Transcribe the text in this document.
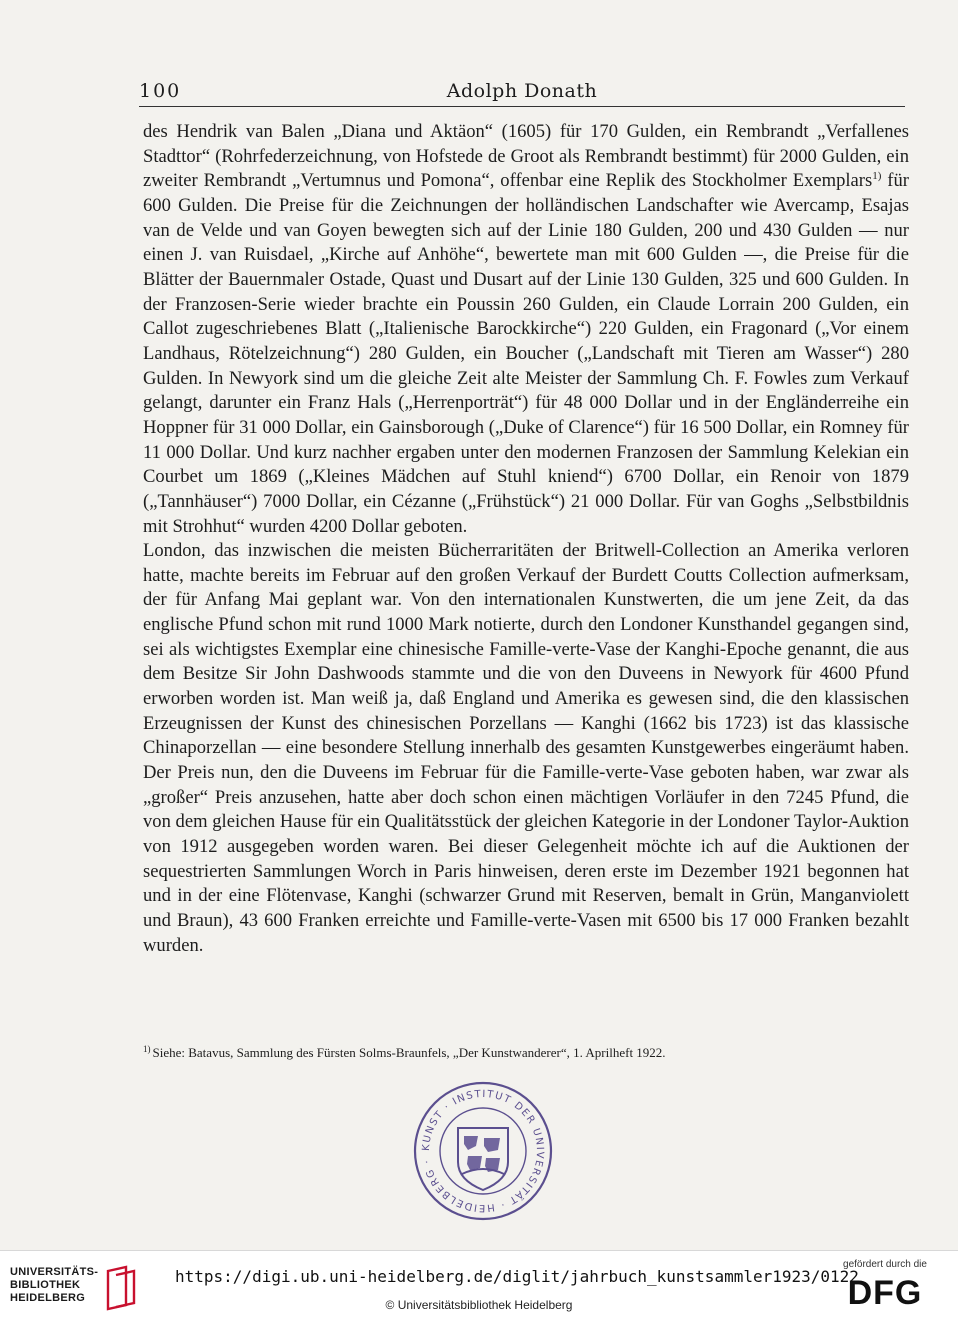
100	Adolph Donath

des Hendrik van Balen „Diana und Aktäon“ (1605) für 170 Gulden, ein Rembrandt „Verfallenes Stadttor“ (Rohrfederzeichnung, von Hofstede de Groot als Rembrandt bestimmt) für 2000 Gulden, ein zweiter Rembrandt „Vertumnus und Pomona“, offenbar eine Replik des Stockholmer Exemplars$^{1)}$ für 600 Gulden. Die Preise für die Zeichnungen der holländischen Landschafter wie Avercamp, Esajas van de Velde und van Goyen bewegten sich auf der Linie 180 Gulden, 200 und 430 Gulden — nur einen J. van Ruisdael, „Kirche auf Anhöhe“, bewertete man mit 600 Gulden —, die Preise für die Blätter der Bauernmaler Ostade, Quast und Dusart auf der Linie 130 Gulden, 325 und 600 Gulden. In der Franzosen-Serie wieder brachte ein Poussin 260 Gulden, ein Claude Lorrain 200 Gulden, ein Callot zugeschriebenes Blatt („Italienische Barockkirche“) 220 Gulden, ein Fragonard („Vor einem Landhaus, Rötelzeichnung“) 280 Gulden, ein Boucher („Landschaft mit Tieren am Wasser“) 280 Gulden. In Newyork sind um die gleiche Zeit alte Meister der Sammlung Ch. F. Fowles zum Verkauf gelangt, darunter ein Franz Hals („Herrenporträt“) für 48 000 Dollar und in der Engländerreihe ein Hoppner für 31 000 Dollar, ein Gainsborough („Duke of Clarence“) für 16 500 Dollar, ein Romney für 11 000 Dollar. Und kurz nachher ergaben unter den modernen Franzosen der Sammlung Kelekian ein Courbet um 1869 („Kleines Mädchen auf Stuhl kniend“) 6700 Dollar, ein Renoir von 1879 („Tannhäuser“) 7000 Dollar, ein Cézanne („Frühstück“) 21 000 Dollar. Für van Goghs „Selbstbildnis mit Strohhut“ wurden 4200 Dollar geboten.

London, das inzwischen die meisten Bücherraritäten der Britwell-Collection an Amerika verloren hatte, machte bereits im Februar auf den großen Verkauf der Burdett Coutts Collection aufmerksam, der für Anfang Mai geplant war. Von den internationalen Kunstwerten, die um jene Zeit, da das englische Pfund schon mit rund 1000 Mark notierte, durch den Londoner Kunsthandel gegangen sind, sei als wichtigstes Exemplar eine chinesische Famille-verte-Vase der Kanghi-Epoche genannt, die aus dem Besitze Sir John Dashwoods stammte und die von den Duveens in Newyork für 4600 Pfund erworben worden ist. Man weiß ja, daß England und Amerika es gewesen sind, die den klassischen Erzeugnissen der Kunst des chinesischen Porzellans — Kanghi (1662 bis 1723) ist das klassische Chinaporzellan — eine besondere Stellung innerhalb des gesamten Kunstgewerbes eingeräumt haben. Der Preis nun, den die Duveens im Februar für die Famille-verte-Vase geboten haben, war zwar als „großer“ Preis anzusehen, hatte aber doch schon einen mächtigen Vorläufer in den 7245 Pfund, die von dem gleichen Hause für ein Qualitätsstück der gleichen Kategorie in der Londoner Taylor-Auktion von 1912 ausgegeben worden waren. Bei dieser Gelegenheit möchte ich auf die Auktionen der sequestrierten Sammlungen Worch in Paris hinweisen, deren erste im Dezember 1921 begonnen hat und in der eine Flötenvase, Kanghi (schwarzer Grund mit Reserven, bemalt in Grün, Manganviolett und Braun), 43 600 Franken erreichte und Famille-verte-Vasen mit 6500 bis 17 000 Franken bezahlt wurden.

$^{1)}$ Siehe: Batavus, Sammlung des Fürsten Solms-Braunfels, „Der Kunstwanderer“, 1. Aprilheft 1922.
KUNST · INSTITUT DER UNIVERSITÄT · HEIDELBERG ·
UNIVERSITÄTS-
BIBLIOTHEK
HEIDELBERG
https://digi.ub.uni-heidelberg.de/diglit/jahrbuch_kunstsammler1923/0122
© Universitätsbibliothek Heidelberg
gefördert durch die
DFG
